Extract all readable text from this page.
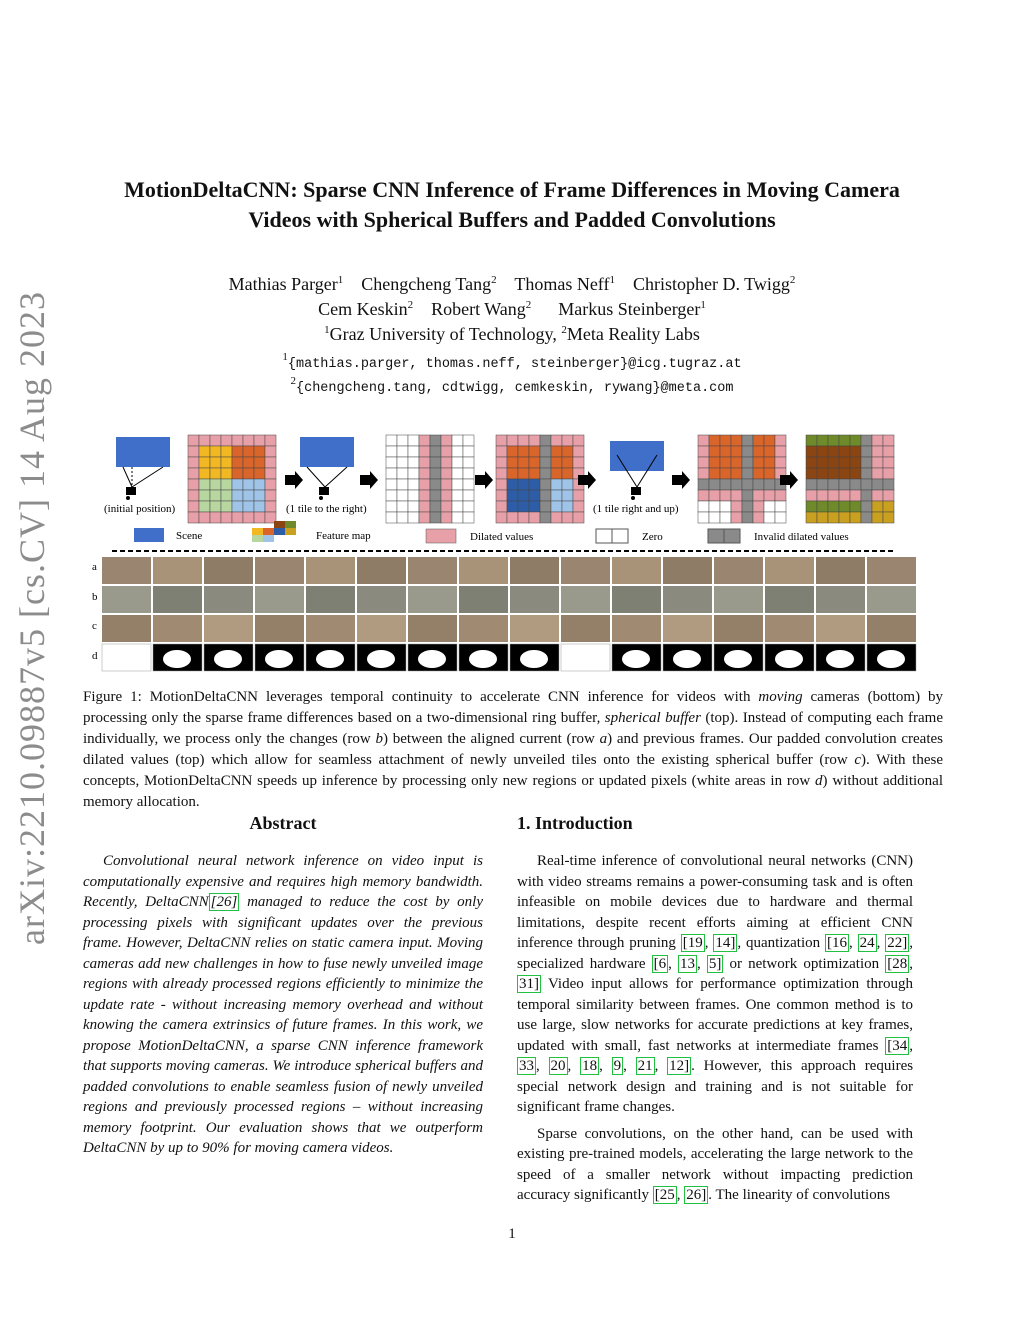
arXiv:2210.09887v5 [cs.CV] 14 Aug 2023
MotionDeltaCNN: Sparse CNN Inference of Frame Differences in Moving Camera
Videos with Spherical Buffers and Padded Convolutions
Mathias Parger$^1$ Chengcheng Tang$^2$ Thomas Neff$^1$ Christopher D. Twigg$^2$
Cem Keskin$^2$ Robert Wang$^2$ Markus Steinberger$^1$
$^1$Graz University of Technology, $^2$Meta Reality Labs
$^1${mathias.parger, thomas.neff, steinberger}@icg.tugraz.at
$^2${chengcheng.tang, cdtwigg, cemkeskin, rywang}@meta.com
(initial position)	(1 tile to the right)	(1 tile right and up)
Scene	Feature map	Dilated values	Zero	Invalid dilated values
a
b
c
d
Figure 1: MotionDeltaCNN leverages temporal continuity to accelerate CNN inference for videos with moving cameras (bottom) by processing only the sparse frame differences based on a two-dimensional ring buffer, spherical buffer (top). Instead of computing each frame individually, we process only the changes (row b) between the aligned current (row a) and previous frames. Our padded convolution creates dilated values (top) which allow for seamless attachment of newly unveiled tiles onto the existing spherical buffer (row c). With these concepts, MotionDeltaCNN speeds up inference by processing only new regions or updated pixels (white areas in row d) without additional memory allocation.
Abstract

Convolutional neural network inference on video input is computationally expensive and requires high memory bandwidth. Recently, DeltaCNN [26] managed to reduce the cost by only processing pixels with significant updates over the previous frame. However, DeltaCNN relies on static camera input. Moving cameras add new challenges in how to fuse newly unveiled image regions with already processed regions efficiently to minimize the update rate - without increasing memory overhead and without knowing the camera extrinsics of future frames. In this work, we propose MotionDeltaCNN, a sparse CNN inference framework that supports moving cameras. We introduce spherical buffers and padded convolutions to enable seamless fusion of newly unveiled regions and previously processed regions – without increasing memory footprint. Our evaluation shows that we outperform DeltaCNN by up to 90% for moving camera videos.

1. Introduction

Real-time inference of convolutional neural networks (CNN) with video streams remains a power-consuming task and is often infeasible on mobile devices due to hardware and thermal limitations, despite recent efforts aiming at efficient CNN inference through pruning [19 , 14] , quantization [16 , 24 , 22] , specialized hardware [6 , 13 , 5] or network optimization [28 , 31] Video input allows for performance optimization through temporal similarity between frames. One common method is to use large, slow networks for accurate predictions at key frames, updated with small, fast networks at intermediate frames [34 , 33 , 20 , 18 , 9 , 21 , 12] . However, this approach requires special network design and training and is not suitable for significant frame changes.

Sparse convolutions, on the other hand, can be used with existing pre-trained models, accelerating the large network to the speed of a smaller network without impacting prediction accuracy significantly [25 , 26] . The linearity of convolutions

1
